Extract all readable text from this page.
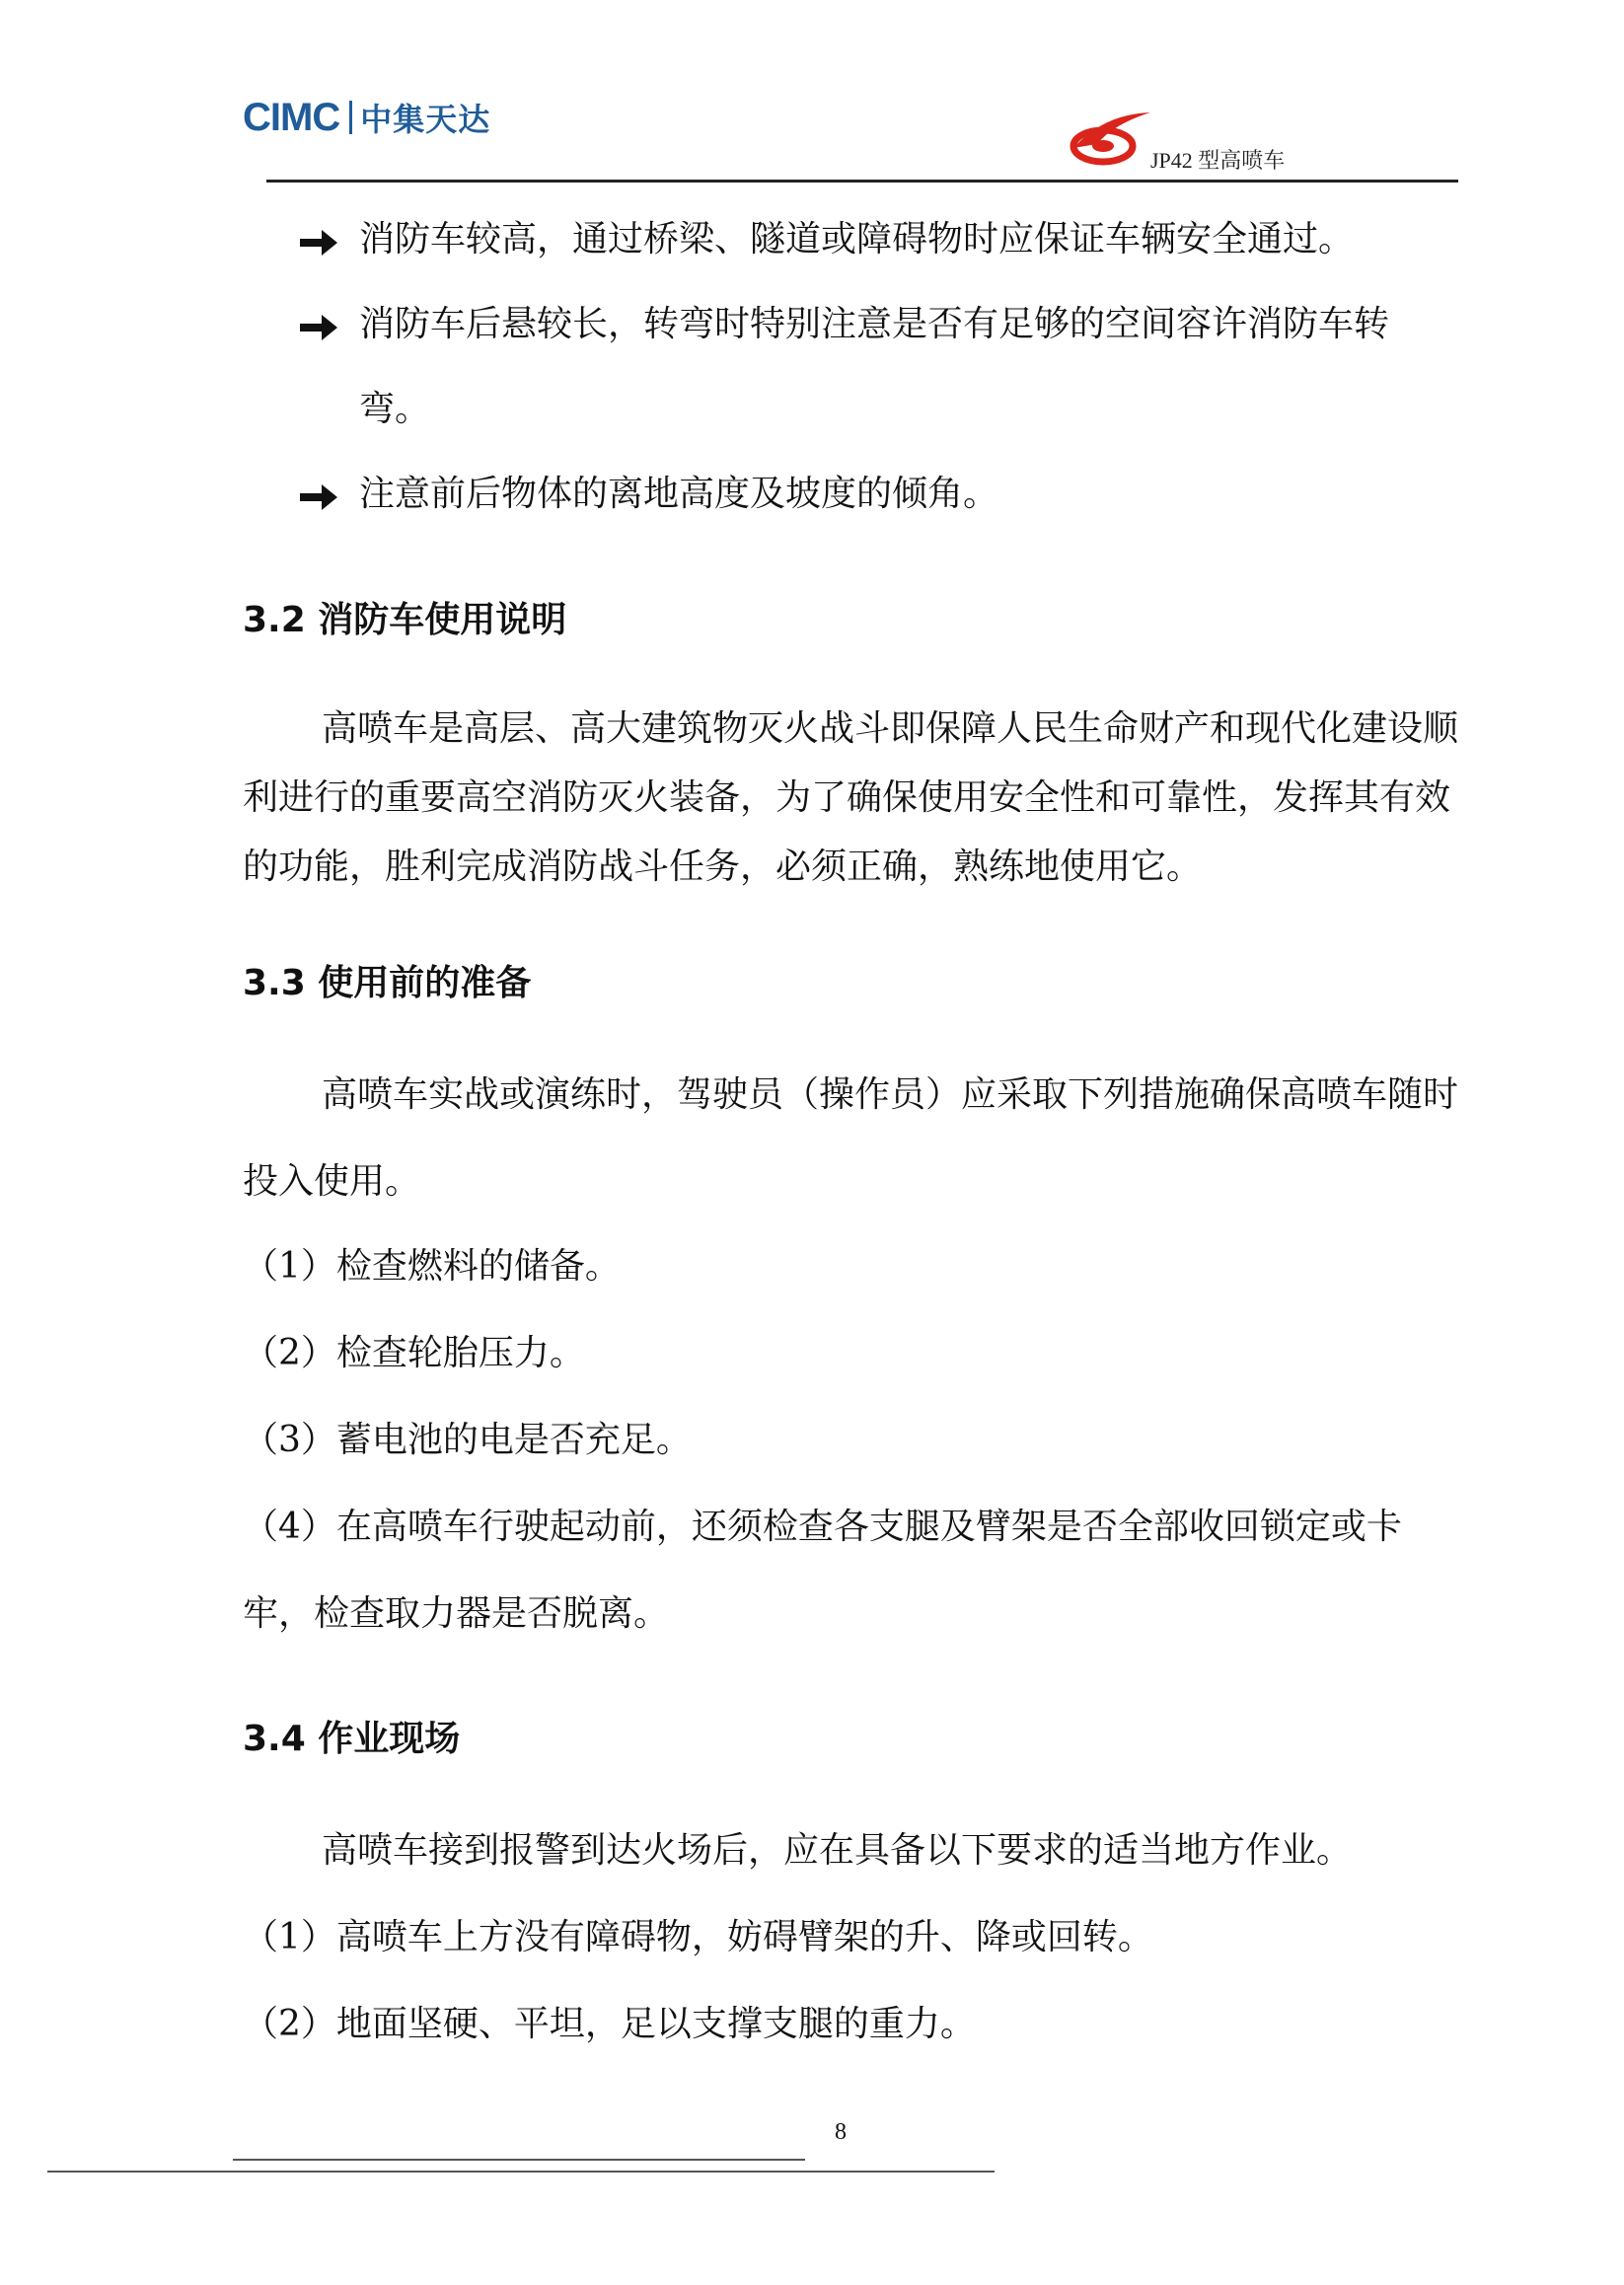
CIMC 中集天达
JP42 型高喷车
消防车较高，通过桥梁、隧道或障碍物时应保证车辆安全通过。
消防车后悬较长，转弯时特别注意是否有足够的空间容许消防车转弯。
注意前后物体的离地高度及坡度的倾角。
3.2 消防车使用说明
高喷车是高层、高大建筑物灭火战斗即保障人民生命财产和现代化建设顺利进行的重要高空消防灭火装备，为了确保使用安全性和可靠性，发挥其有效的功能，胜利完成消防战斗任务，必须正确，熟练地使用它。
3.3 使用前的准备
高喷车实战或演练时，驾驶员（操作员）应采取下列措施确保高喷车随时投入使用。
（1）检查燃料的储备。
（2）检查轮胎压力。
（3）蓄电池的电是否充足。
（4）在高喷车行驶起动前，还须检查各支腿及臂架是否全部收回锁定或卡牢，检查取力器是否脱离。
3.4 作业现场
高喷车接到报警到达火场后，应在具备以下要求的适当地方作业。
（1）高喷车上方没有障碍物，妨碍臂架的升、降或回转。
（2）地面坚硬、平坦，足以支撑支腿的重力。
8
